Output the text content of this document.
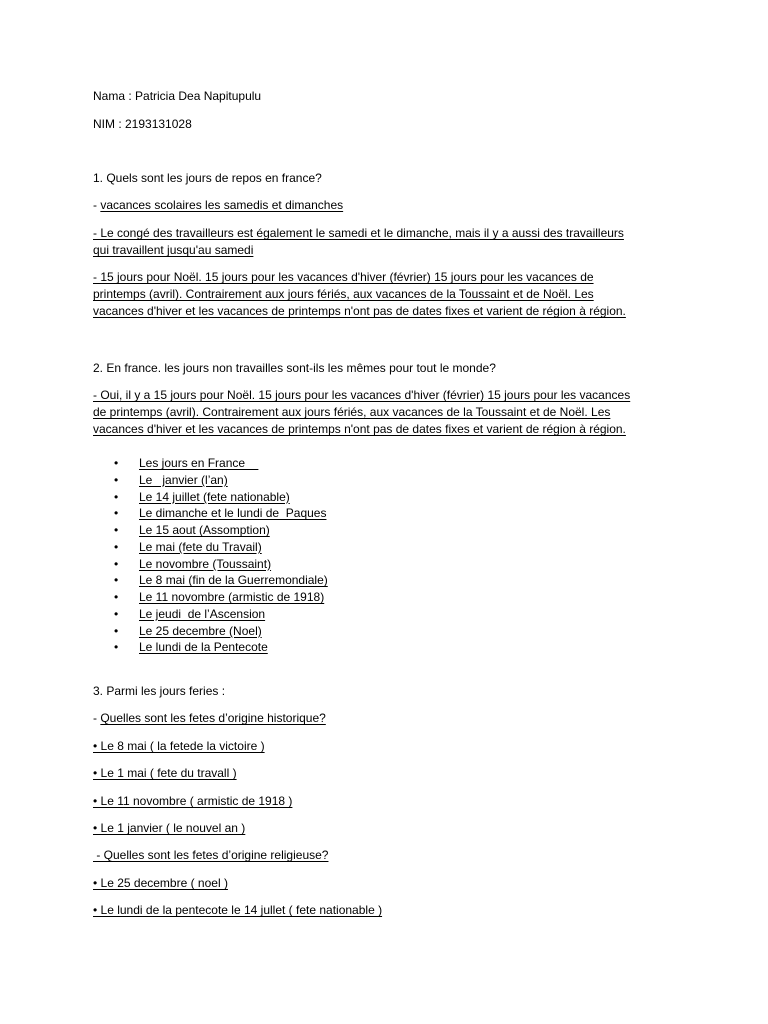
Nama : Patricia Dea Napitupulu
NIM : 2193131028
1. Quels sont les jours de repos en france?
- vacances scolaires les samedis et dimanches
- Le congé des travailleurs est également le samedi et le dimanche, mais il y a aussi des travailleurs
qui travaillent jusqu'au samedi
- 15 jours pour Noël. 15 jours pour les vacances d'hiver (février) 15 jours pour les vacances de
printemps (avril). Contrairement aux jours fériés, aux vacances de la Toussaint et de Noël. Les
vacances d'hiver et les vacances de printemps n'ont pas de dates fixes et varient de région à région.
2. En france. les jours non travailles sont-ils les mêmes pour tout le monde?
- Oui, il y a 15 jours pour Noël. 15 jours pour les vacances d'hiver (février) 15 jours pour les vacances
de printemps (avril). Contrairement aux jours fériés, aux vacances de la Toussaint et de Noël. Les
vacances d'hiver et les vacances de printemps n'ont pas de dates fixes et varient de région à région.
• Les jours en France
• Le   janvier (l’an)
• Le 14 juillet (fete nationable)
• Le dimanche et le lundi de  Paques
• Le 15 aout (Assomption)
• Le mai (fete du Travail)
• Le novombre (Toussaint)
• Le 8 mai (fin de la Guerremondiale)
• Le 11 novombre (armistic de 1918)
• Le jeudi  de l’Ascension
• Le 25 decembre (Noel)
• Le lundi de la Pentecote
3. Parmi les jours feries :
- Quelles sont les fetes d’origine historique?
• Le 8 mai ( la fetede la victoire )
• Le 1 mai ( fete du travall )
• Le 11 novombre ( armistic de 1918 )
• Le 1 janvier ( le nouvel an )
- Quelles sont les fetes d’origine religieuse?
• Le 25 decembre ( noel )
• Le lundi de la pentecote le 14 jullet ( fete nationable )
